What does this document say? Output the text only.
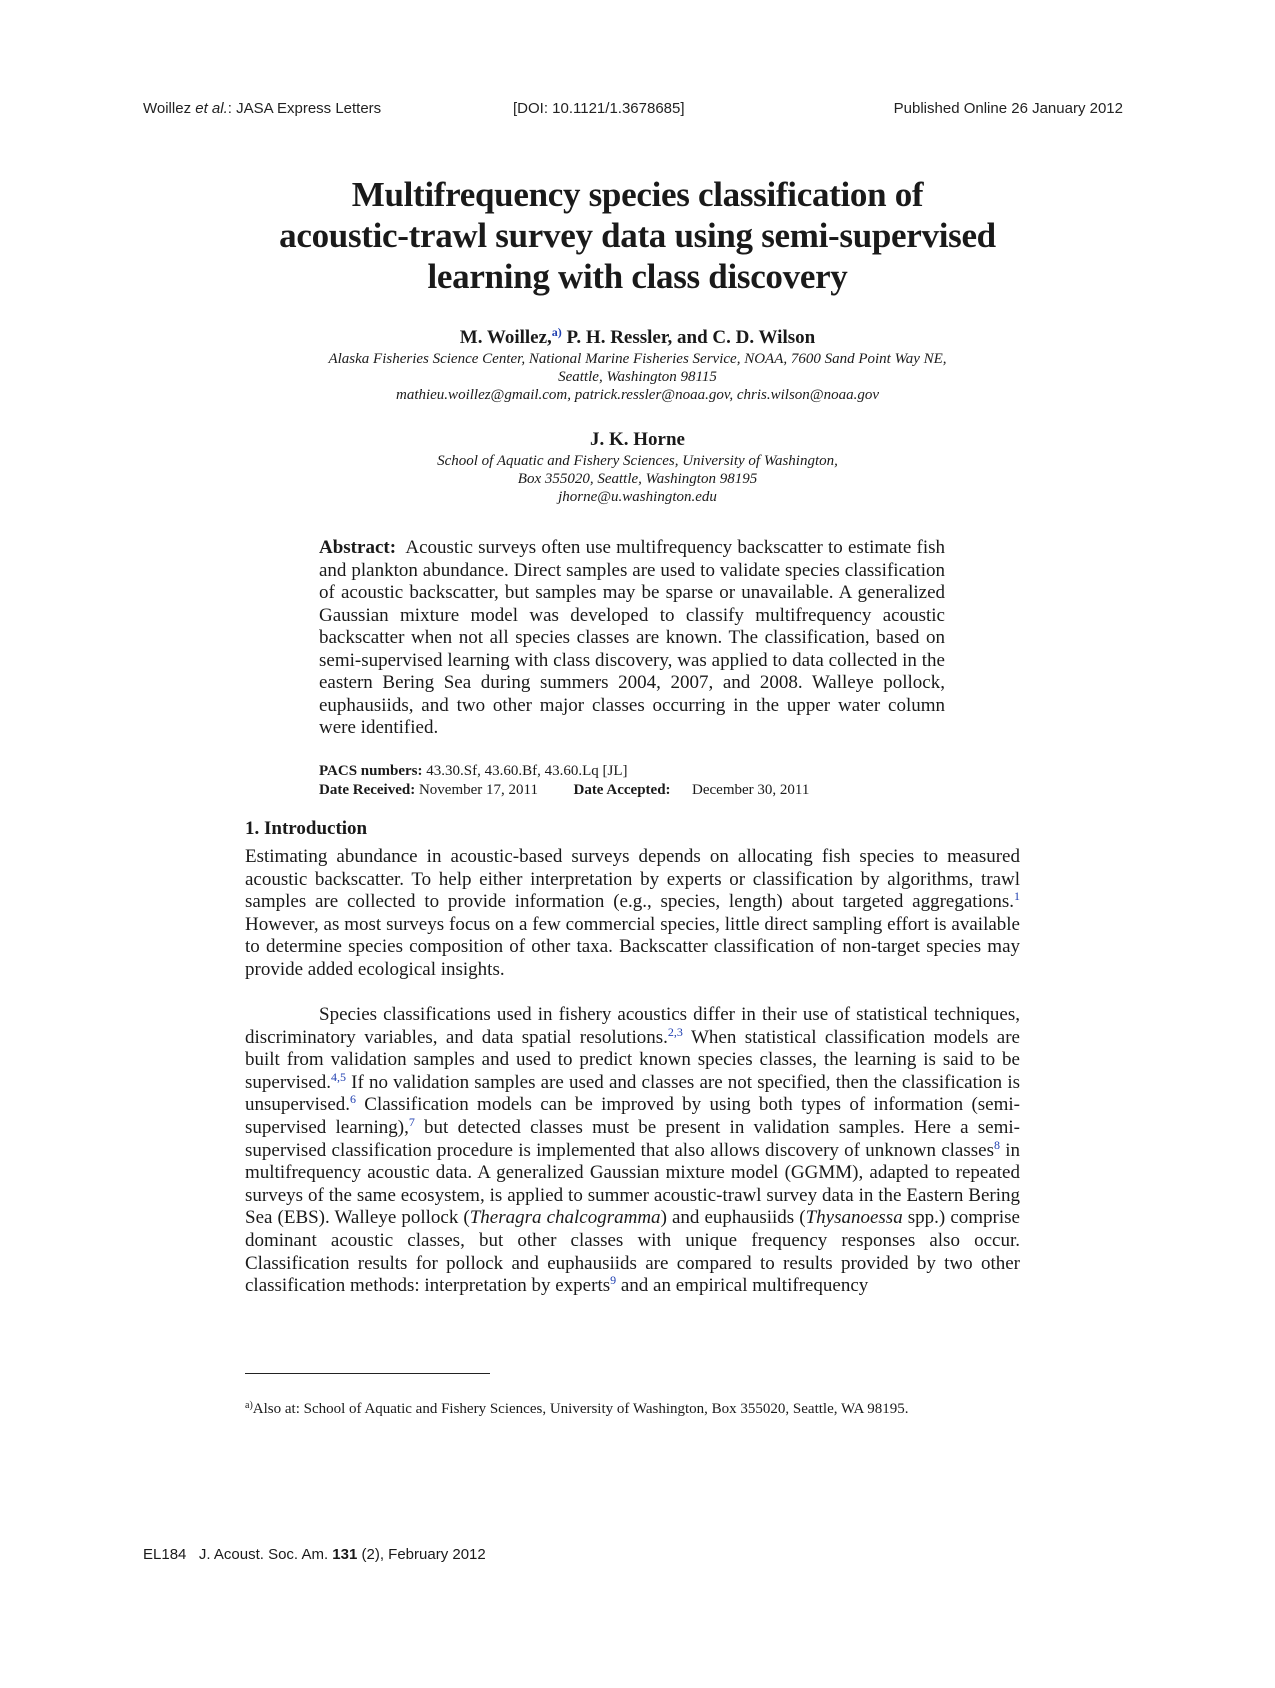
Woillez et al.: JASA Express Letters	[DOI: 10.1121/1.3678685]	Published Online 26 January 2012
Multifrequency species classification of
acoustic-trawl survey data using semi-supervised
learning with class discovery
M. Woillez,$^{a)}$ P. H. Ressler, and C. D. Wilson
Alaska Fisheries Science Center, National Marine Fisheries Service, NOAA, 7600 Sand Point Way NE,
Seattle, Washington 98115
mathieu.woillez@gmail.com, patrick.ressler@noaa.gov, chris.wilson@noaa.gov
J. K. Horne
School of Aquatic and Fishery Sciences, University of Washington,
Box 355020, Seattle, Washington 98195
jhorne@u.washington.edu

Abstract: Acoustic surveys often use multifrequency backscatter to estimate fish and plankton abundance. Direct samples are used to validate species classification of acoustic backscatter, but samples may be sparse or unavailable. A generalized Gaussian mixture model was developed to classify multifrequency acoustic backscatter when not all species classes are known. The classification, based on semi-supervised learning with class discovery, was applied to data collected in the eastern Bering Sea during summers 2004, 2007, and 2008. Walleye pollock, euphausiids, and two other major classes occurring in the upper water column were identified.

PACS numbers: 43.30.Sf, 43.60.Bf, 43.60.Lq [JL]
Date Received: November 17, 2011 Date Accepted: December 30, 2011
1. Introduction

Estimating abundance in acoustic-based surveys depends on allocating fish species to measured acoustic backscatter. To help either interpretation by experts or classification by algorithms, trawl samples are collected to provide information (e.g., species, length) about targeted aggregations.$^1$ However, as most surveys focus on a few commercial species, little direct sampling effort is available to determine species composition of other taxa. Backscatter classification of non-target species may provide added ecological insights.

Species classifications used in fishery acoustics differ in their use of statistical techniques, discriminatory variables, and data spatial resolutions.$^{2,3}$ When statistical classification models are built from validation samples and used to predict known species classes, the learning is said to be supervised.$^{4,5}$ If no validation samples are used and classes are not specified, then the classification is unsupervised.$^6$ Classification models can be improved by using both types of information (semi-supervised learning),$^7$ but detected classes must be present in validation samples. Here a semi-supervised classification procedure is implemented that also allows discovery of unknown classes$^8$ in multifrequency acoustic data. A generalized Gaussian mixture model (GGMM), adapted to repeated surveys of the same ecosystem, is applied to summer acoustic-trawl survey data in the Eastern Bering Sea (EBS). Walleye pollock (Theragra chalcogramma) and euphausiids (Thysanoessa spp.) comprise dominant acoustic classes, but other classes with unique frequency responses also occur. Classification results for pollock and euphausiids are compared to results provided by two other classification methods: interpretation by experts$^9$ and an empirical multifrequency

$^{a)}$Also at: School of Aquatic and Fishery Sciences, University of Washington, Box 355020, Seattle, WA 98195.
EL184 J. Acoust. Soc. Am. 131 (2), February 2012
